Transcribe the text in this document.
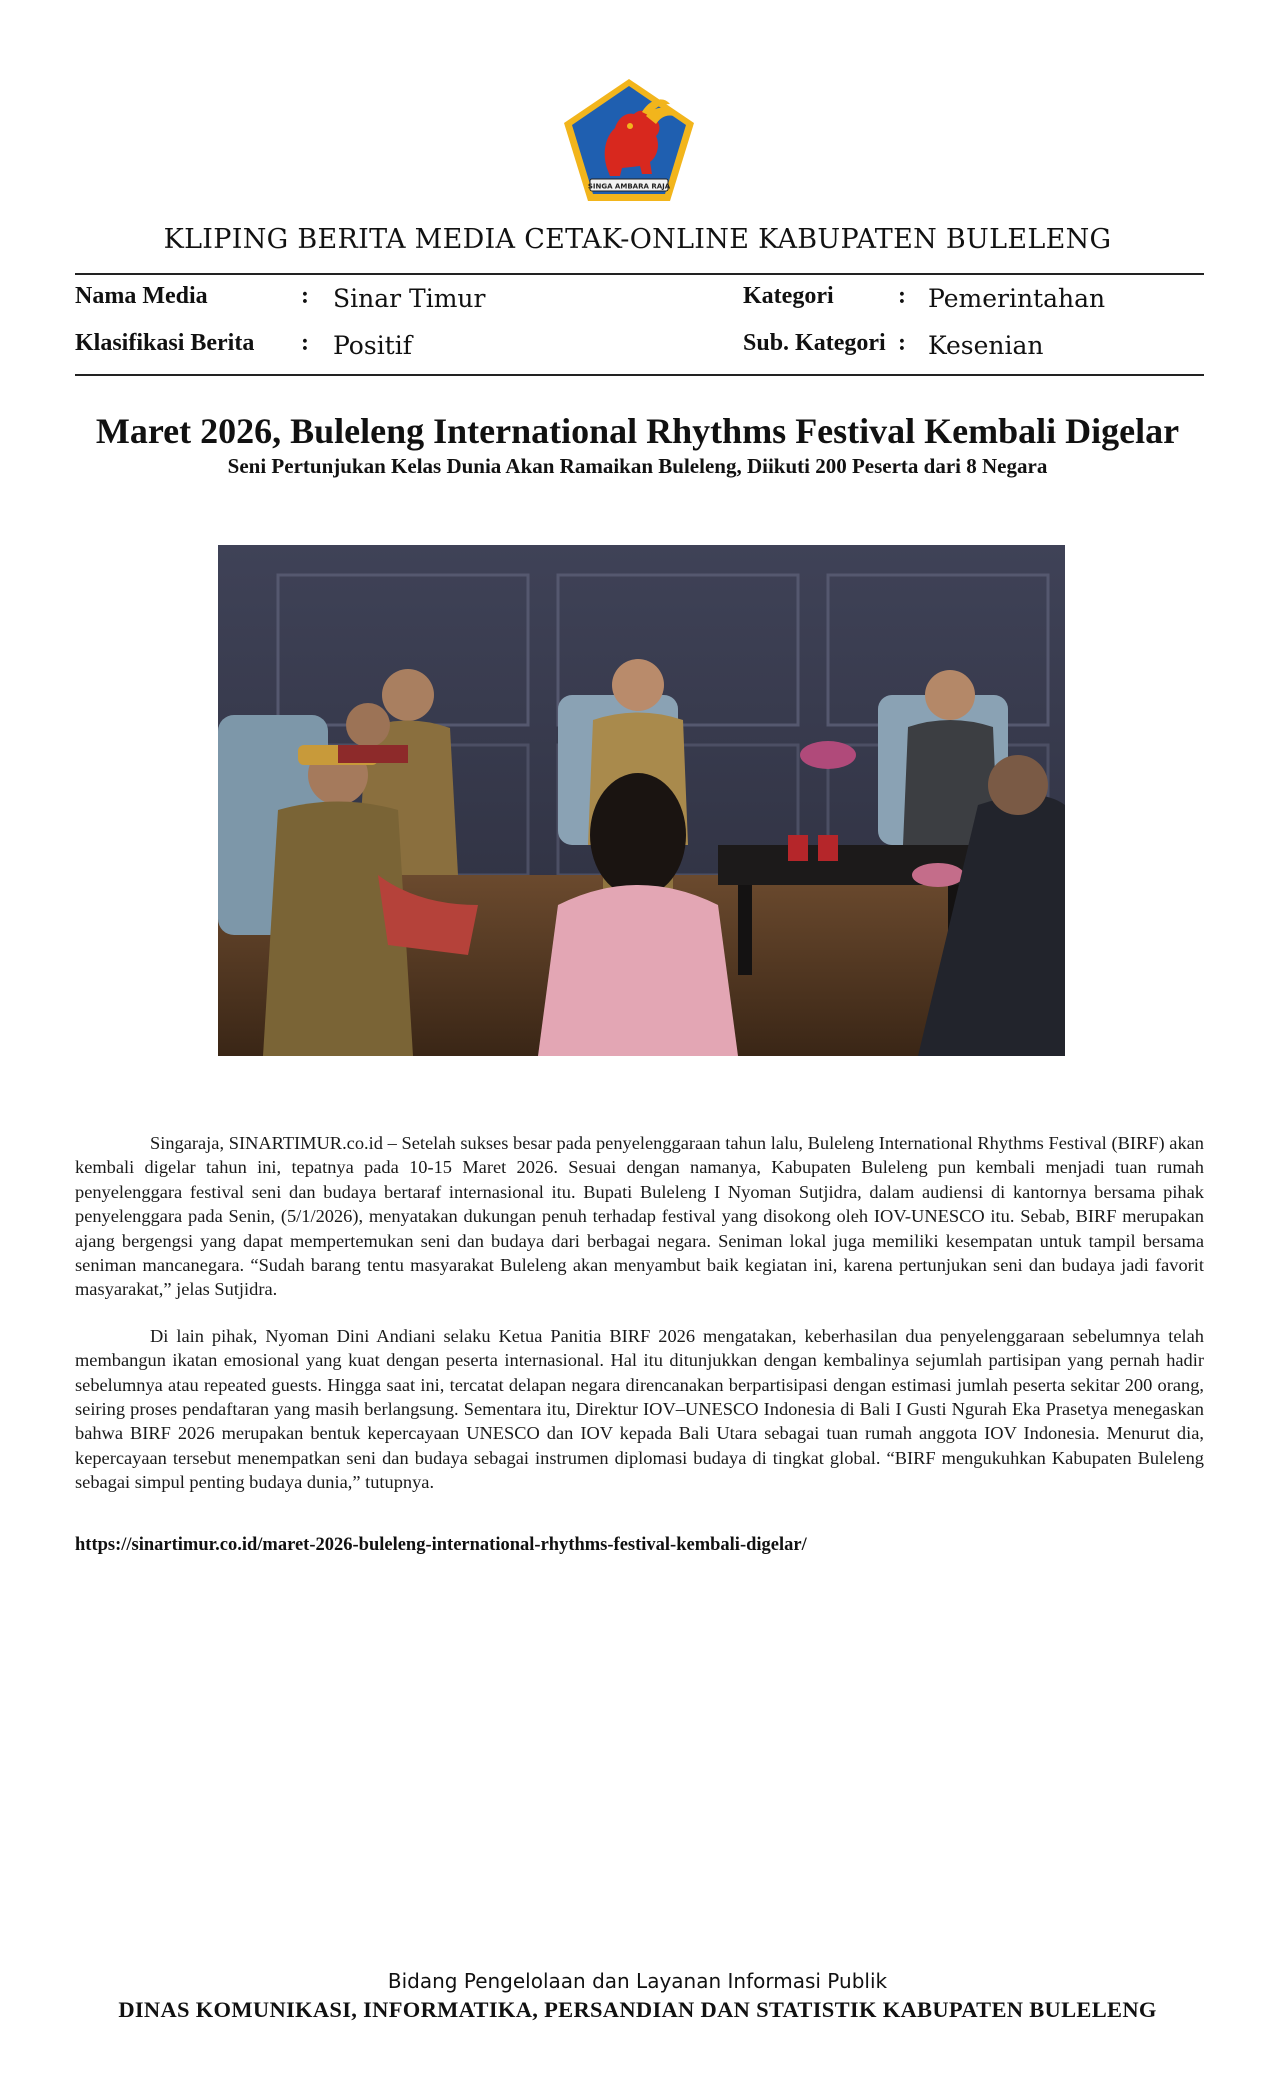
SINGA AMBARA RAJA
KLIPING BERITA MEDIA CETAK-ONLINE KABUPATEN BULELENG
Nama Media	: Sinar Timur
Klasifikasi Berita : Positif
Kategori	: Pemerintahan
Sub. Kategori : Kesenian
Maret 2026, Buleleng International Rhythms Festival Kembali Digelar
Seni Pertunjukan Kelas Dunia Akan Ramaikan Buleleng, Diikuti 200 Peserta dari 8 Negara

Singaraja, SINARTIMUR.co.id – Setelah sukses besar pada penyelenggaraan tahun lalu, Buleleng International Rhythms Festival (BIRF) akan kembali digelar tahun ini, tepatnya pada 10-15 Maret 2026. Sesuai dengan namanya, Kabupaten Buleleng pun kembali menjadi tuan rumah penyelenggara festival seni dan budaya bertaraf internasional itu. Bupati Buleleng I Nyoman Sutjidra, dalam audiensi di kantornya bersama pihak penyelenggara pada Senin, (5/1/2026), menyatakan dukungan penuh terhadap festival yang disokong oleh IOV-UNESCO itu. Sebab, BIRF merupakan ajang bergengsi yang dapat mempertemukan seni dan budaya dari berbagai negara. Seniman lokal juga memiliki kesempatan untuk tampil bersama seniman mancanegara. “Sudah barang tentu masyarakat Buleleng akan menyambut baik kegiatan ini, karena pertunjukan seni dan budaya jadi favorit masyarakat,” jelas Sutjidra.

Di lain pihak, Nyoman Dini Andiani selaku Ketua Panitia BIRF 2026 mengatakan, keberhasilan dua penyelenggaraan sebelumnya telah membangun ikatan emosional yang kuat dengan peserta internasional. Hal itu ditunjukkan dengan kembalinya sejumlah partisipan yang pernah hadir sebelumnya atau repeated guests. Hingga saat ini, tercatat delapan negara direncanakan berpartisipasi dengan estimasi jumlah peserta sekitar 200 orang, seiring proses pendaftaran yang masih berlangsung. Sementara itu, Direktur IOV–UNESCO Indonesia di Bali I Gusti Ngurah Eka Prasetya menegaskan bahwa BIRF 2026 merupakan bentuk kepercayaan UNESCO dan IOV kepada Bali Utara sebagai tuan rumah anggota IOV Indonesia. Menurut dia, kepercayaan tersebut menempatkan seni dan budaya sebagai instrumen diplomasi budaya di tingkat global. “BIRF mengukuhkan Kabupaten Buleleng sebagai simpul penting budaya dunia,” tutupnya.

https://sinartimur.co.id/maret-2026-buleleng-international-rhythms-festival-kembali-digelar/
Bidang Pengelolaan dan Layanan Informasi Publik
DINAS KOMUNIKASI, INFORMATIKA, PERSANDIAN DAN STATISTIK KABUPATEN BULELENG
